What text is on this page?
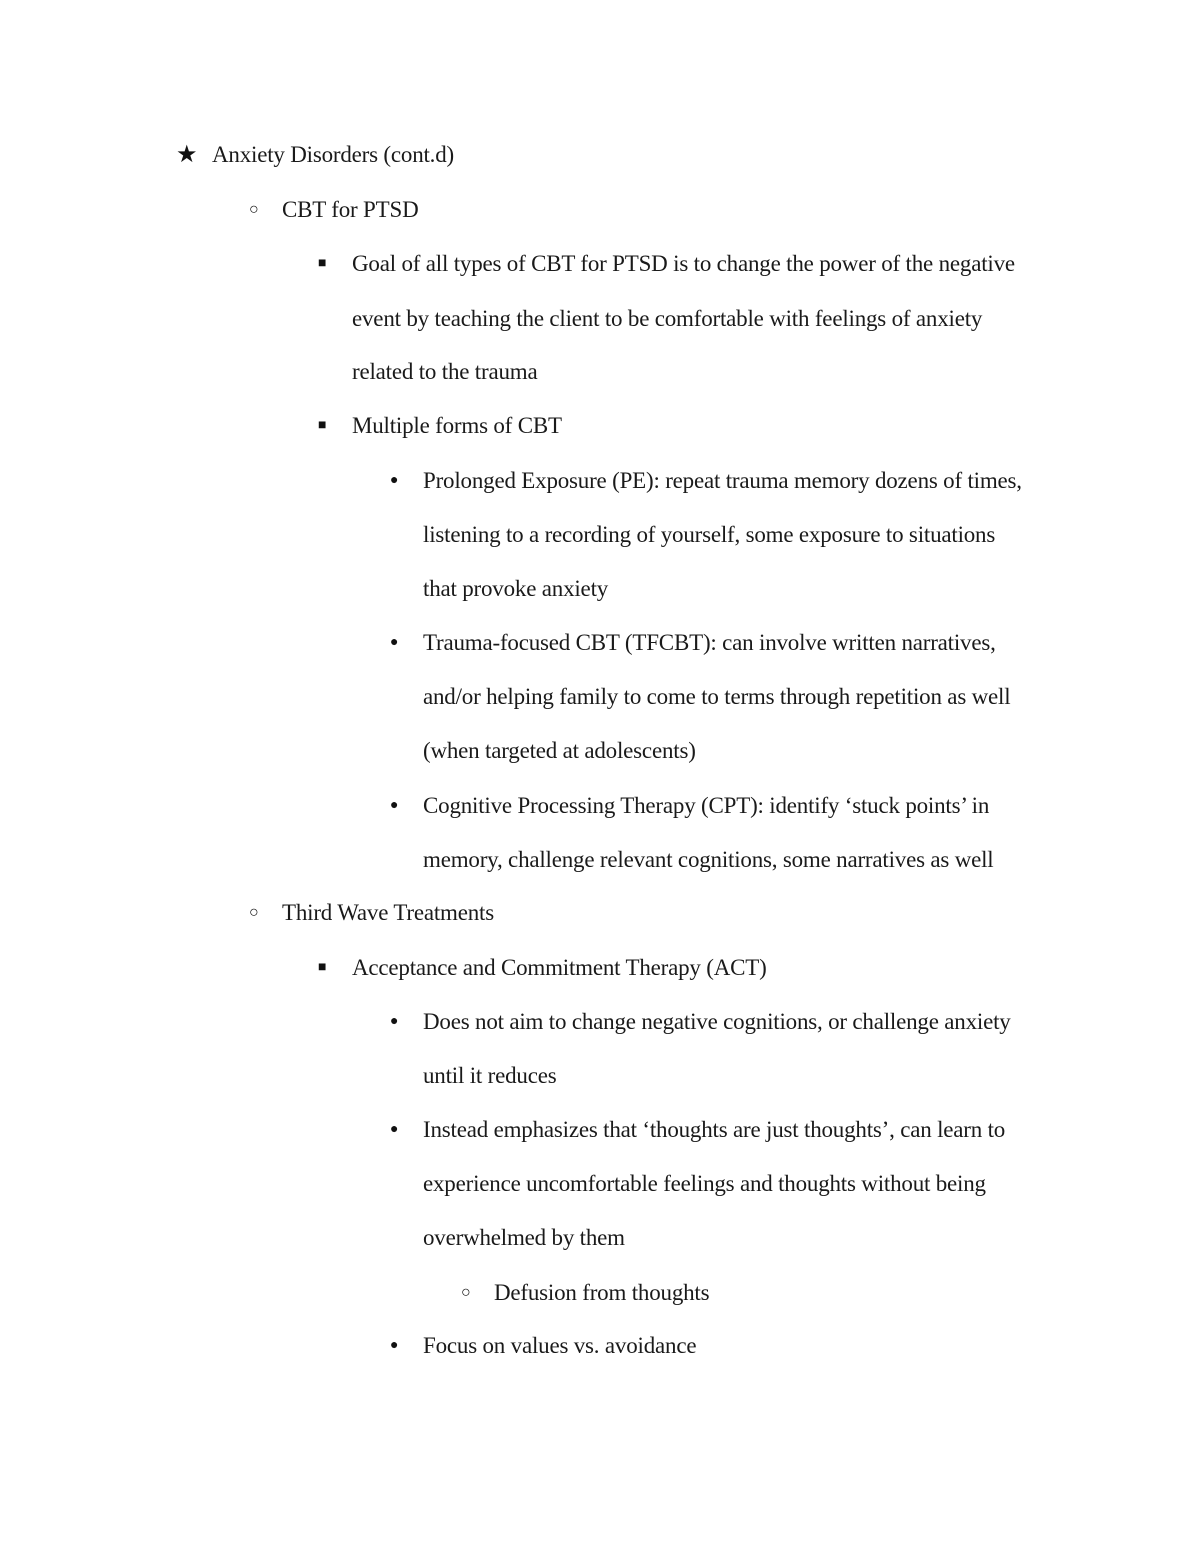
★ Anxiety Disorders (cont.d)
○ CBT for PTSD
■ Goal of all types of CBT for PTSD is to change the power of the negative
event by teaching the client to be comfortable with feelings of anxiety
related to the trauma
■ Multiple forms of CBT
● Prolonged Exposure (PE): repeat trauma memory dozens of times,
listening to a recording of yourself, some exposure to situations
that provoke anxiety
● Trauma-focused CBT (TFCBT): can involve written narratives,
and/or helping family to come to terms through repetition as well
(when targeted at adolescents)
● Cognitive Processing Therapy (CPT): identify ‘stuck points’ in
memory, challenge relevant cognitions, some narratives as well
○ Third Wave Treatments
■ Acceptance and Commitment Therapy (ACT)
● Does not aim to change negative cognitions, or challenge anxiety
until it reduces
● Instead emphasizes that ‘thoughts are just thoughts’, can learn to
experience uncomfortable feelings and thoughts without being
overwhelmed by them
○ Defusion from thoughts
● Focus on values vs. avoidance
